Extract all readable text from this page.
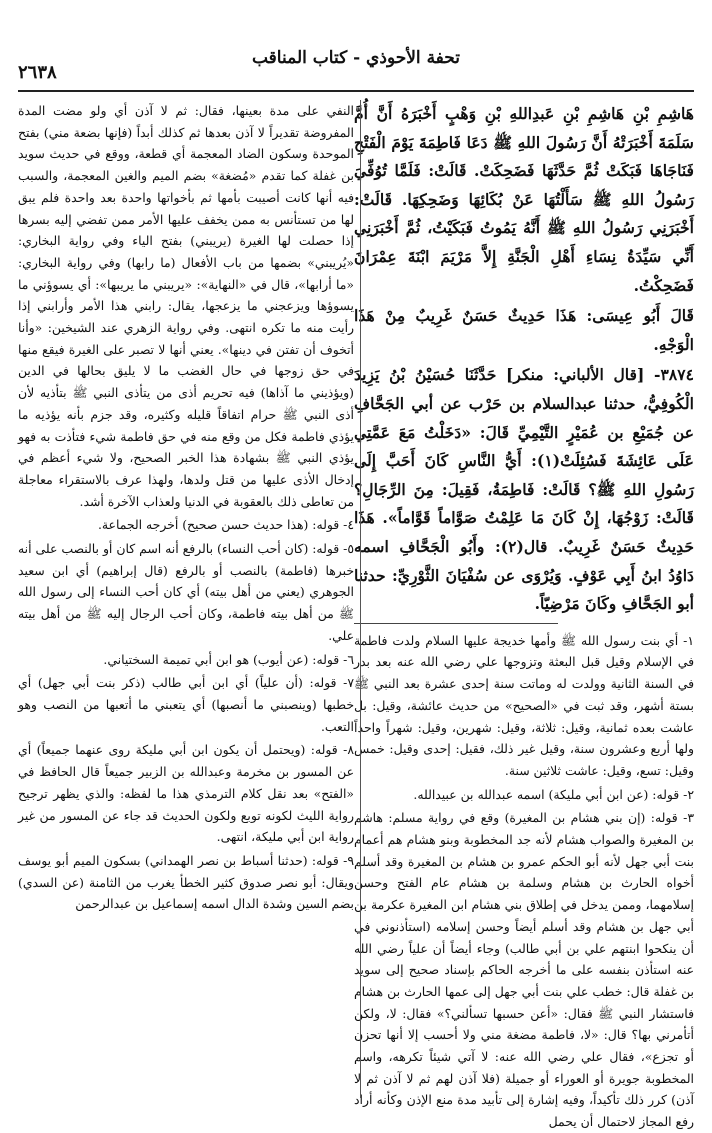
٢٦٣٨
تحفة الأحوذي - كتاب المناقب

هَاشِمِ بْنِ هَاشِمِ بْنِ عَبدِاللهِ بْنِ وَهْبٍ أَخْبَرَهُ أَنَّ أُمَّ سَلَمَةَ أَخْبَرَتْهُ أَنَّ رَسُولَ اللهِ ﷺ دَعَا فَاطِمَةَ يَوْمَ الْفَتْحِ فَنَاجَاهَا فَبَكَتْ ثُمَّ حَدَّثَهَا فَضَحِكَتْ. قَالَتْ: فَلَمَّا تُوُفِّيَ رَسُولُ اللهِ ﷺ سَأَلْتُهَا عَنْ بُكَائِهَا وَضَحِكِهَا. قَالَتْ: أَخْبَرَنِي رَسُولُ اللهِ ﷺ أَنَّهُ يَمُوتُ فَبَكَيْتُ، ثُمَّ أَخْبَرَنِي أَنِّي سَيِّدَةُ نِسَاءِ أَهْلِ الْجَنَّةِ إِلاَّ مَرْيَمَ ابْنَةَ عِمْرَانَ فَضَحِكْتُ.

قَالَ أَبُو عِيسَى: هَذَا حَدِيثٌ حَسَنٌ غَرِيبٌ مِنْ هَذَا الْوَجْهِ.

٣٨٧٤- [قال الألباني: منكر] حَدَّثَنَا حُسَيْنُ بْنُ يَزِيدَ الْكُوفِيُّ، حدثنا عبدالسلام بن حَرْب عن أبي الجَحَّافِ عن جُمَيْعِ بن عُمَيْرٍ التَّيْمِيِّ قَالَ: «دَخَلْتُ مَعَ عَمَّتِي عَلَى عَائِشَةَ فَسُئِلَتْ(١): أَيُّ النَّاسِ كَانَ أَحَبَّ إِلَى رَسُولِ اللهِ ﷺ؟ قَالَتْ: فَاطِمَةُ، فَقِيلَ: مِنَ الرِّجَالِ؟ قَالَتْ: زَوْجُهَا، إِنْ كَانَ مَا عَلِمْتُ صَوَّاماً قَوَّاماً». هَذَا حَدِيثٌ حَسَنٌ غَرِيبٌ. قال(٢): وأَبُو الْجَحَّافِ اسمه دَاوُدُ ابنُ أَبِي عَوْفٍ. وَيُرْوَى عن سُفْيَانَ الثَّوْرِيِّ: حدثنا أبو الجَحَّافِ وكَانَ مَرْضِيّاً.

١- أي بنت رسول الله ﷺ وأمها خديجة عليها السلام ولدت فاطمة في الإسلام وقيل قبل البعثة وتزوجها علي رضي الله عنه بعد بدر في السنة الثانية وولدت له وماتت سنة إحدى عشرة بعد النبي ﷺ بستة أشهر، وقد ثبت في «الصحيح» من حديث عائشة، وقيل: بل عاشت بعده ثمانية، وقيل: ثلاثة، وقيل: شهرين، وقيل: شهراً واحداً ولها أربع وعشرون سنة، وقيل غير ذلك، فقيل: إحدى وقيل: خمس وقيل: تسع، وقيل: عاشت ثلاثين سنة.

٢- قوله: (عن ابن أبي مليكة) اسمه عبدالله بن عبيدالله.

٣- قوله: (إن بني هشام بن المغيرة) وقع في رواية مسلم: هاشم بن المغيرة والصواب هشام لأنه جد المخطوبة وبنو هشام هم أعمام بنت أبي جهل لأنه أبو الحكم عمرو بن هشام بن المغيرة وقد أسلم أخواه الحارث بن هشام وسلمة بن هشام عام الفتح وحسن إسلامهما، وممن يدخل في إطلاق بني هشام ابن المغيرة عكرمة بن أبي جهل بن هشام وقد أسلم أيضاً وحسن إسلامه (استأذنوني في أن ينكحوا ابنتهم علي بن أبي طالب) وجاء أيضاً أن علياً رضي الله عنه استأذن بنفسه على ما أخرجه الحاكم بإسناد صحيح إلى سويد بن غفلة قال: خطب علي بنت أبي جهل إلى عمها الحارث بن هشام فاستشار النبي ﷺ فقال: «أعن حسبها تسألني؟» فقال: لا، ولكن أتأمرني بها؟ قال: «لا، فاطمة مضغة مني ولا أحسب إلا أنها تحزن أو تجزع»، فقال علي رضي الله عنه: لا آتي شيئاً تكرهه، واسم المخطوبة جويرة أو العوراء أو جميلة (فلا آذن لهم ثم لا آذن ثم لا آذن) كرر ذلك تأكيداً، وفيه إشارة إلى تأبيد مدة منع الإذن وكأنه أراد رفع المجاز لاحتمال أن يحمل

النفي على مدة بعينها، فقال: ثم لا آذن أي ولو مضت المدة المفروضة تقديراً لا آذن بعدها ثم كذلك أبداً (فإنها بضعة مني) بفتح الموحدة وسكون الضاد المعجمة أي قطعة، ووقع في حديث سويد بن غفلة كما تقدم «مُضغة» بضم الميم والغين المعجمة، والسبب فيه أنها كانت أصيبت بأمها ثم بأخواتها واحدة بعد واحدة فلم يبق لها من تستأنس به ممن يخفف عليها الأمر ممن تفضي إليه بسرها إذا حصلت لها الغيرة (يريبني) بفتح الياء وفي رواية البخاري: «يُريبني» بضمها من باب الأفعال (ما رابها) وفي رواية البخاري: «ما أرابها»، قال في «النهاية»: «يريبني ما يريبها»: أي يسوؤني ما يسوؤها ويزعجني ما يزعجها، يقال: رابني هذا الأمر وأرابني إذا رأيت منه ما تكره انتهى. وفي رواية الزهري عند الشيخين: «وأنا أتخوف أن تفتن في دينها». يعني أنها لا تصبر على الغيرة فيقع منها في حق زوجها في حال الغضب ما لا يليق بحالها في الدين (ويؤذيني ما آذاها) فيه تحريم أذى من يتأذى النبي ﷺ بتأذيه لأن أذى النبي ﷺ حرام اتفاقاً قليله وكثيره، وقد جزم بأنه يؤذيه ما يؤذي فاطمة فكل من وقع منه في حق فاطمة شيء فتأذت به فهو يؤذي النبي ﷺ بشهادة هذا الخبر الصحيح، ولا شيء أعظم في إدخال الأذى عليها من قتل ولدها، ولهذا عرف بالاستقراء معاجلة من تعاطى ذلك بالعقوبة في الدنيا ولعذاب الآخرة أشد.

٤- قوله: (هذا حديث حسن صحيح) أخرجه الجماعة.

٥- قوله: (كان أحب النساء) بالرفع أنه اسم كان أو بالنصب على أنه خبرها (فاطمة) بالنصب أو بالرفع (قال إبراهيم) أي ابن سعيد الجوهري (يعني من أهل بيته) أي كان أحب النساء إلى رسول الله ﷺ من أهل بيته فاطمة، وكان أحب الرجال إليه ﷺ من أهل بيته علي.

٦- قوله: (عن أيوب) هو ابن أبي تميمة السختياني.

٧- قوله: (أن علياً) أي ابن أبي طالب (ذكر بنت أبي جهل) أي خطبها (وينصبني ما أنصبها) أي يتعبني ما أتعبها من النصب وهو التعب.

٨- قوله: (ويحتمل أن يكون ابن أبي مليكة روى عنهما جميعاً) أي عن المسور بن مخرمة وعبدالله بن الزبير جميعاً قال الحافظ في «الفتح» بعد نقل كلام الترمذي هذا ما لفظه: والذي يظهر ترجيح رواية الليث لكونه توبع ولكون الحديث قد جاء عن المسور من غير رواية ابن أبي مليكة، انتهى.

٩- قوله: (حدثنا أسباط بن نصر الهمداني) بسكون الميم أبو يوسف ويقال: أبو نصر صدوق كثير الخطأ يغرب من الثامنة (عن السدي) بضم السين وشدة الدال اسمه إسماعيل بن عبدالرحمن
